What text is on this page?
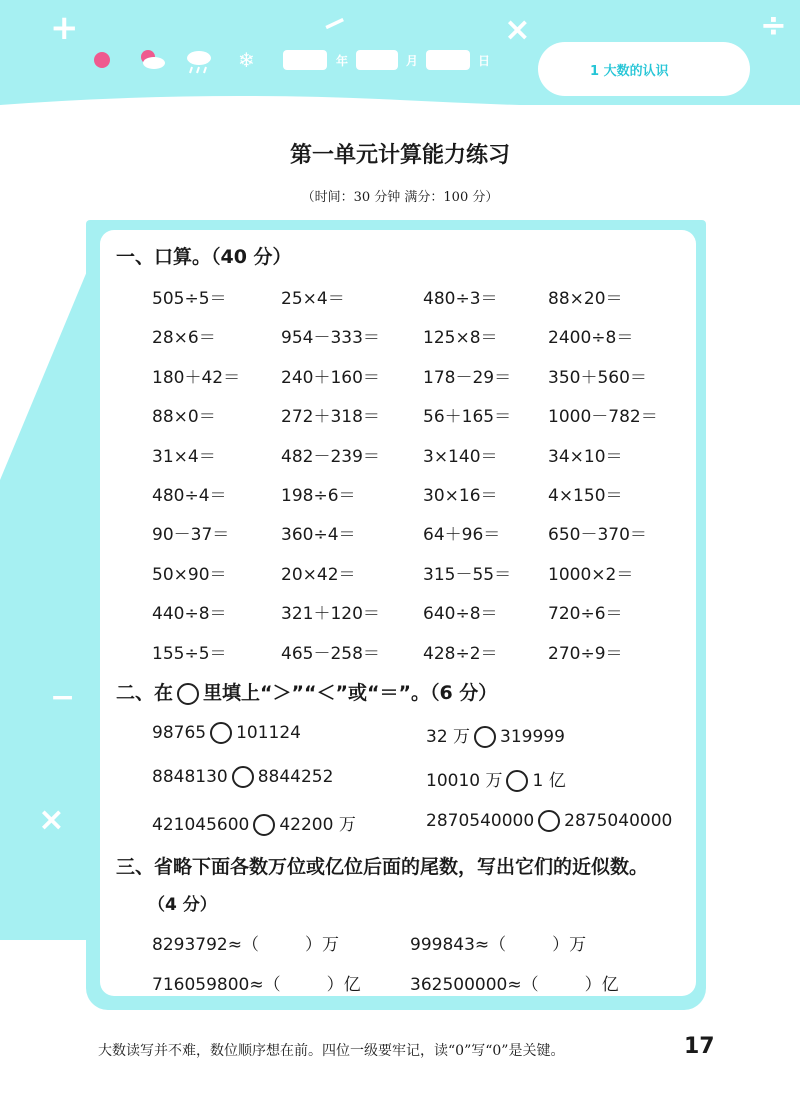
+	−	×	÷
❄	年	月	日
1 大数的认识
−
×
第一单元计算能力练习
（时间：30 分钟 满分：100 分）
一、口算。（40 分）
505÷5＝	25×4＝	480÷3＝	88×20＝
28×6＝	954－333＝	125×8＝	2400÷8＝
180＋42＝ 240＋160＝	178－29＝ 350＋560＝
88×0＝	272＋318＝	56＋165＝ 1000－782＝
31×4＝	482－239＝	3×140＝	34×10＝
480÷4＝	198÷6＝	30×16＝	4×150＝
90－37＝	360÷4＝	64＋96＝	650－370＝
50×90＝	20×42＝	315－55＝ 1000×2＝
440÷8＝	321＋120＝	640÷8＝	720÷6＝
155÷5＝	465－258＝	428÷2＝	270÷9＝
二、在 里填上“＞”“＜”或“＝”。（6 分）
98765 101124	32 万 319999
8848130 8844252	10010 万 1 亿
421045600 42200 万	2870540000 2875040000
三、省略下面各数万位或亿位后面的尾数，写出它们的近似数。
（4 分）
8293792≈（	）万	999843≈（	）万
716059800≈（	）亿	362500000≈（	）亿
大数读写并不难，数位顺序想在前。四位一级要牢记，读“0”写“0”是关键。	17
